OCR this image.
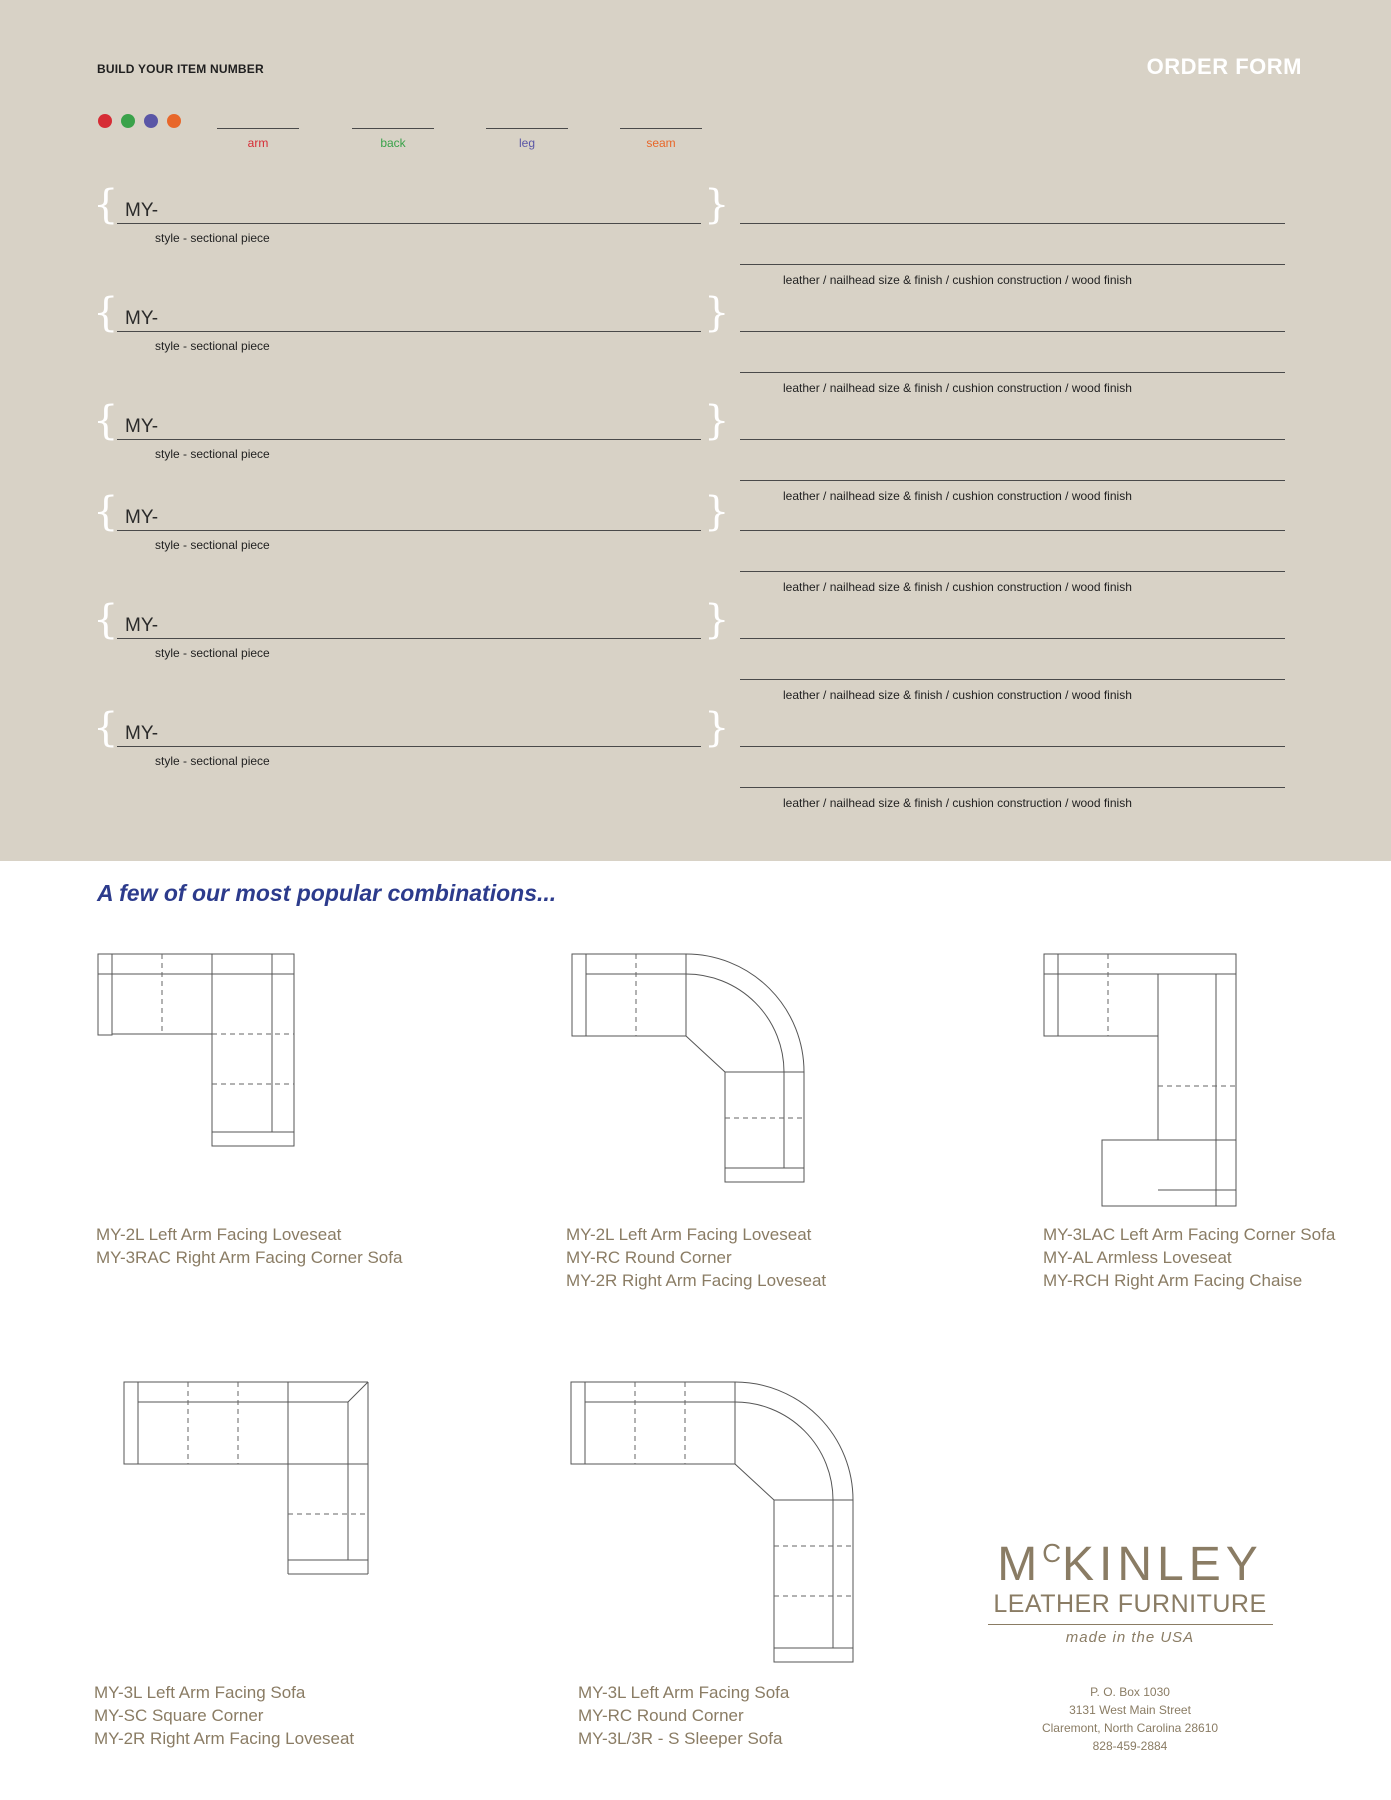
BUILD YOUR ITEM NUMBER	ORDER FORM
arm	back	leg	seam
{	}
MY-
style - sectional piece
leather / nailhead size & finish / cushion construction / wood finish
{	}
MY-
style - sectional piece
leather / nailhead size & finish / cushion construction / wood finish
{	}
MY-
style - sectional piece
leather / nailhead size & finish / cushion construction / wood finish
{	}
MY-
style - sectional piece
leather / nailhead size & finish / cushion construction / wood finish
{	}
MY-
style - sectional piece
leather / nailhead size & finish / cushion construction / wood finish
{	}
MY-
style - sectional piece
leather / nailhead size & finish / cushion construction / wood finish
A few of our most popular combinations...
MY-2L Left Arm Facing Loveseat
MY-3RAC Right Arm Facing Corner Sofa
MY-2L Left Arm Facing Loveseat
MY-RC Round Corner
MY-2R Right Arm Facing Loveseat
MY-3LAC Left Arm Facing Corner Sofa
MY-AL Armless Loveseat
MY-RCH Right Arm Facing Chaise
MY-3L Left Arm Facing Sofa
MY-SC Square Corner
MY-2R Right Arm Facing Loveseat
MY-3L Left Arm Facing Sofa
MY-RC Round Corner
MY-3L/3R - S Sleeper Sofa
$M^CKINLEY$
LEATHER FURNITURE
made in the USA
P. O. Box 1030
3131 West Main Street
Claremont, North Carolina 28610
828-459-2884
